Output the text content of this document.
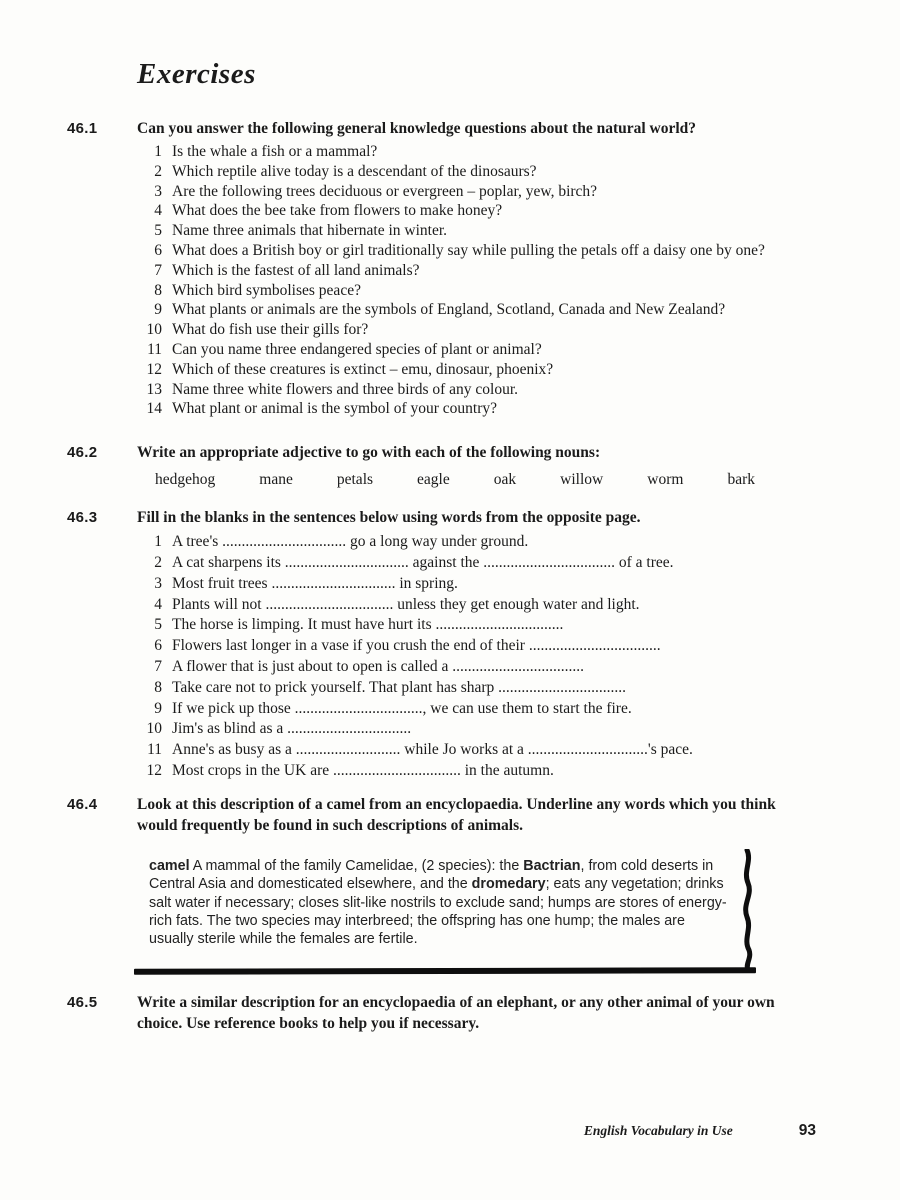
Exercises
46.1	Can you answer the following general knowledge questions about the natural world?

1 Is the whale a fish or a mammal?
2 Which reptile alive today is a descendant of the dinosaurs?
3 Are the following trees deciduous or evergreen – poplar, yew, birch?
4 What does the bee take from flowers to make honey?
5 Name three animals that hibernate in winter.
6 What does a British boy or girl traditionally say while pulling the petals off a daisy one by one?
7 Which is the fastest of all land animals?
8 Which bird symbolises peace?
9 What plants or animals are the symbols of England, Scotland, Canada and New Zealand?
10 What do fish use their gills for?
11 Can you name three endangered species of plant or animal?
12 Which of these creatures is extinct – emu, dinosaur, phoenix?
13 Name three white flowers and three birds of any colour.
14 What plant or animal is the symbol of your country?
46.2	Write an appropriate adjective to go with each of the following nouns:

hedgehog	mane	petals	eagle	oak	willow	worm	bark
46.3	Fill in the blanks in the sentences below using words from the opposite page.

1 A tree's ................................ go a long way under ground.
2 A cat sharpens its ................................ against the .................................. of a tree.
3 Most fruit trees ................................ in spring.
4 Plants will not ................................. unless they get enough water and light.
5 The horse is limping. It must have hurt its .................................
6 Flowers last longer in a vase if you crush the end of their ..................................
7 A flower that is just about to open is called a ..................................
8 Take care not to prick yourself. That plant has sharp .................................
9 If we pick up those ................................., we can use them to start the fire.
10 Jim's as blind as a ................................
11 Anne's as busy as a ........................... while Jo works at a ...............................'s pace.
12 Most crops in the UK are ................................. in the autumn.
46.4	Look at this description of a camel from an encyclopaedia. Underline any words which you think would frequently be found in such descriptions of animals.

camel A mammal of the family Camelidae, (2 species): the Bactrian, from cold deserts in Central Asia and domesticated elsewhere, and the dromedary; eats any vegetation; drinks salt water if necessary; closes slit-like nostrils to exclude sand; humps are stores of energy-rich fats. The two species may interbreed; the offspring has one hump; the males are usually sterile while the females are fertile.

46.5	Write a similar description for an encyclopaedia of an elephant, or any other animal of your own choice. Use reference books to help you if necessary.

English Vocabulary in Use	93
